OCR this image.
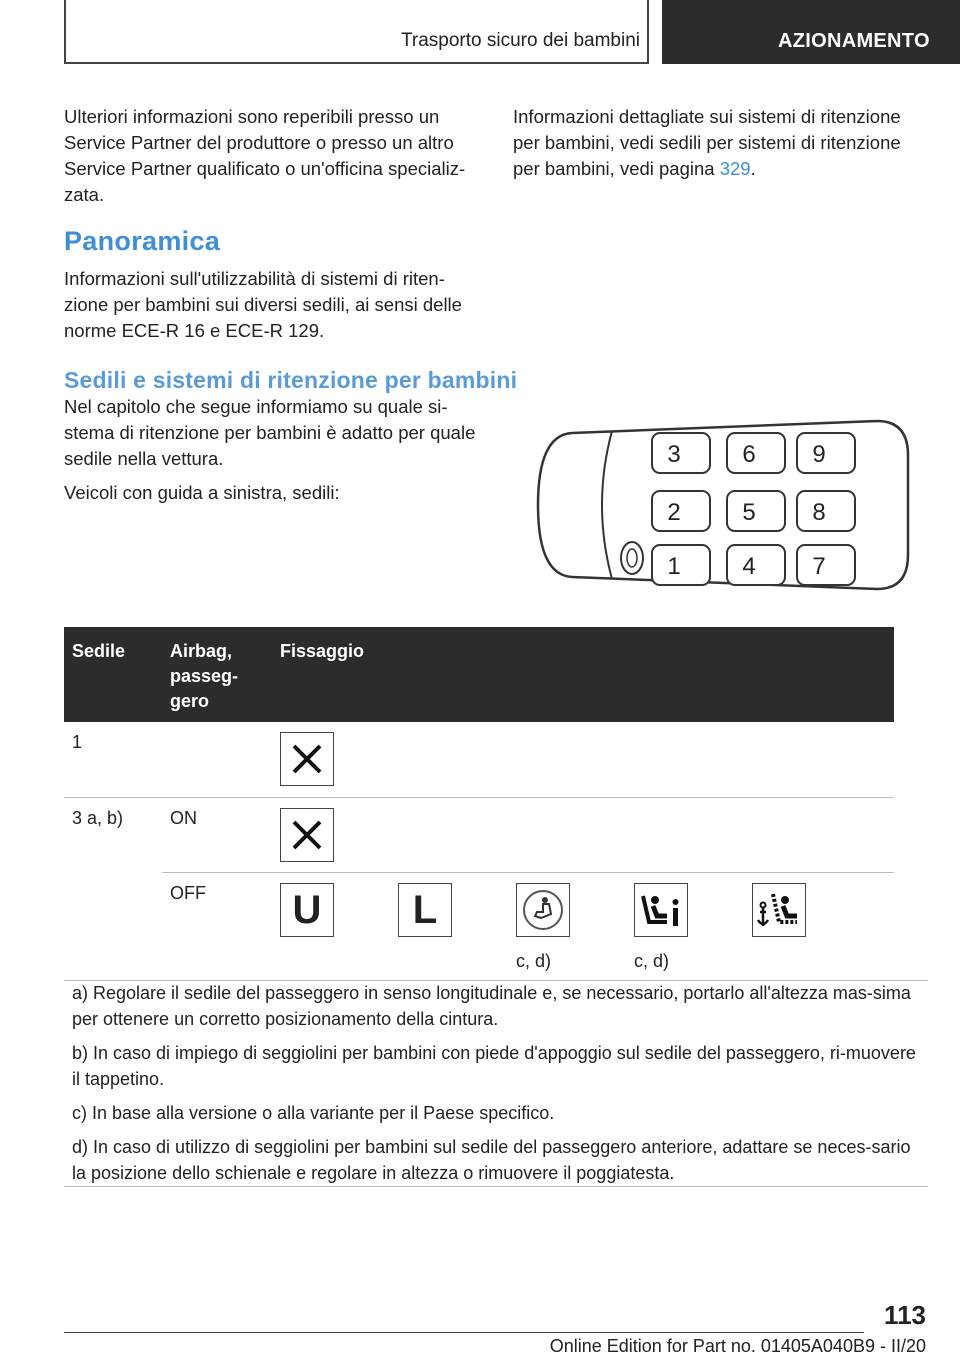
Trasporto sicuro dei bambini	AZIONAMENTO

Ulteriori informazioni sono reperibili presso un Service Partner del produttore o presso un altro Service Partner qualificato o un'officina specializ-zata.

Informazioni dettagliate sui sistemi di ritenzione per bambini, vedi sedili per sistemi di ritenzione per bambini, vedi pagina 329.

Panoramica

Informazioni sull'utilizzabilità di sistemi di riten-zione per bambini sui diversi sedili, ai sensi delle norme ECE-R 16 e ECE-R 129.

Sedili e sistemi di ritenzione per bambini

Nel capitolo che segue informiamo su quale si-stema di ritenzione per bambini è adatto per quale sedile nella vettura.

Veicoli con guida a sinistra, sedili:

3	6 9
2	5 8
1	4 7
Sedile	Airbag,
passeg-
gero	Fissaggio					
1		

3 a, b)	ON	

	OFF	U	L	c, d)	c, d)

a) Regolare il sedile del passeggero in senso longitudinale e, se necessario, portarlo all'altezza mas-sima per ottenere un corretto posizionamento della cintura.

b) In caso di impiego di seggiolini per bambini con piede d'appoggio sul sedile del passeggero, ri-muovere il tappetino.

c) In base alla versione o alla variante per il Paese specifico.

d) In caso di utilizzo di seggiolini per bambini sul sedile del passeggero anteriore, adattare se neces-sario la posizione dello schienale e regolare in altezza o rimuovere il poggiatesta.

113
Online Edition for Part no. 01405A040B9 - II/20
